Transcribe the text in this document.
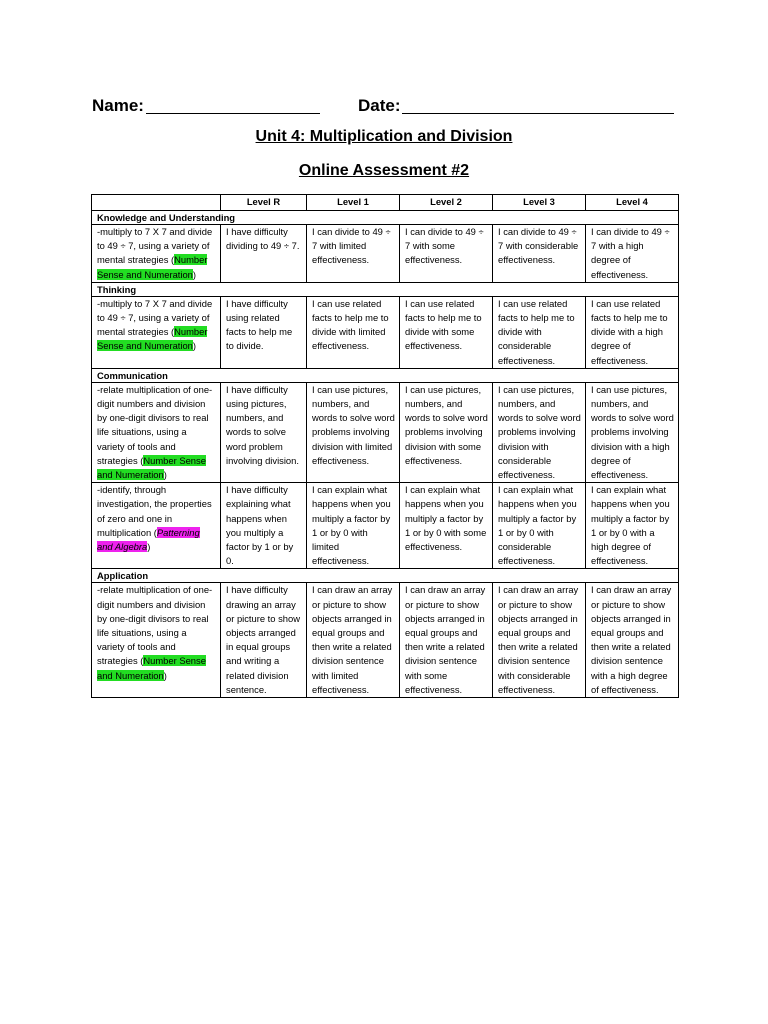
Name:	Date:
Unit 4: Multiplication and Division
Online Assessment #2
	Level R	Level 1	Level 2	Level 3	Level 4
Knowledge and Understanding					
-multiply to 7 X 7 and divide to 49 ÷ 7, using a variety of mental strategies (Number Sense and Numeration)	I have difficulty dividing to 49 ÷ 7.	I can divide to 49 ÷ 7 with limited effectiveness.	I can divide to 49 ÷ 7 with some effectiveness.	I can divide to 49 ÷ 7 with considerable effectiveness.	I can divide to 49 ÷ 7 with a high degree of effectiveness.
Thinking					
-multiply to 7 X 7 and divide to 49 ÷ 7, using a variety of mental strategies (Number Sense and Numeration)	I have difficulty using related facts to help me to divide.	I can use related facts to help me to divide with limited effectiveness.	I can use related facts to help me to divide with some effectiveness.	I can use related facts to help me to divide with considerable effectiveness.	I can use related facts to help me to divide with a high degree of effectiveness.
Communication					
-relate multiplication of one-digit numbers and division by one-digit divisors to real life situations, using a variety of tools and strategies (Number Sense and Numeration)	I have difficulty using pictures, numbers, and words to solve word problem involving division.	I can use pictures, numbers, and words to solve word problems involving division with limited effectiveness.	I can use pictures, numbers, and words to solve word problems involving division with some effectiveness.	I can use pictures, numbers, and words to solve word problems involving division with considerable effectiveness.	I can use pictures, numbers, and words to solve word problems involving division with a high degree of effectiveness.
-identify, through investigation, the properties of zero and one in multiplication (Patterning and Algebra)	I have difficulty explaining what happens when you multiply a factor by 1 or by 0.	I can explain what happens when you multiply a factor by 1 or by 0 with limited effectiveness.	I can explain what happens when you multiply a factor by 1 or by 0 with some effectiveness.	I can explain what happens when you multiply a factor by 1 or by 0 with considerable effectiveness.	I can explain what happens when you multiply a factor by 1 or by 0 with a high degree of effectiveness.
Application					
-relate multiplication of one-digit numbers and division by one-digit divisors to real life situations, using a variety of tools and strategies (Number Sense and Numeration)	I have difficulty drawing an array or picture to show objects arranged in equal groups and writing a related division sentence.	I can draw an array or picture to show objects arranged in equal groups and then write a related division sentence with limited effectiveness.	I can draw an array or picture to show objects arranged in equal groups and then write a related division sentence with some effectiveness.	I can draw an array or picture to show objects arranged in equal groups and then write a related division sentence with considerable effectiveness.	I can draw an array or picture to show objects arranged in equal groups and then write a related division sentence with a high degree of effectiveness.
